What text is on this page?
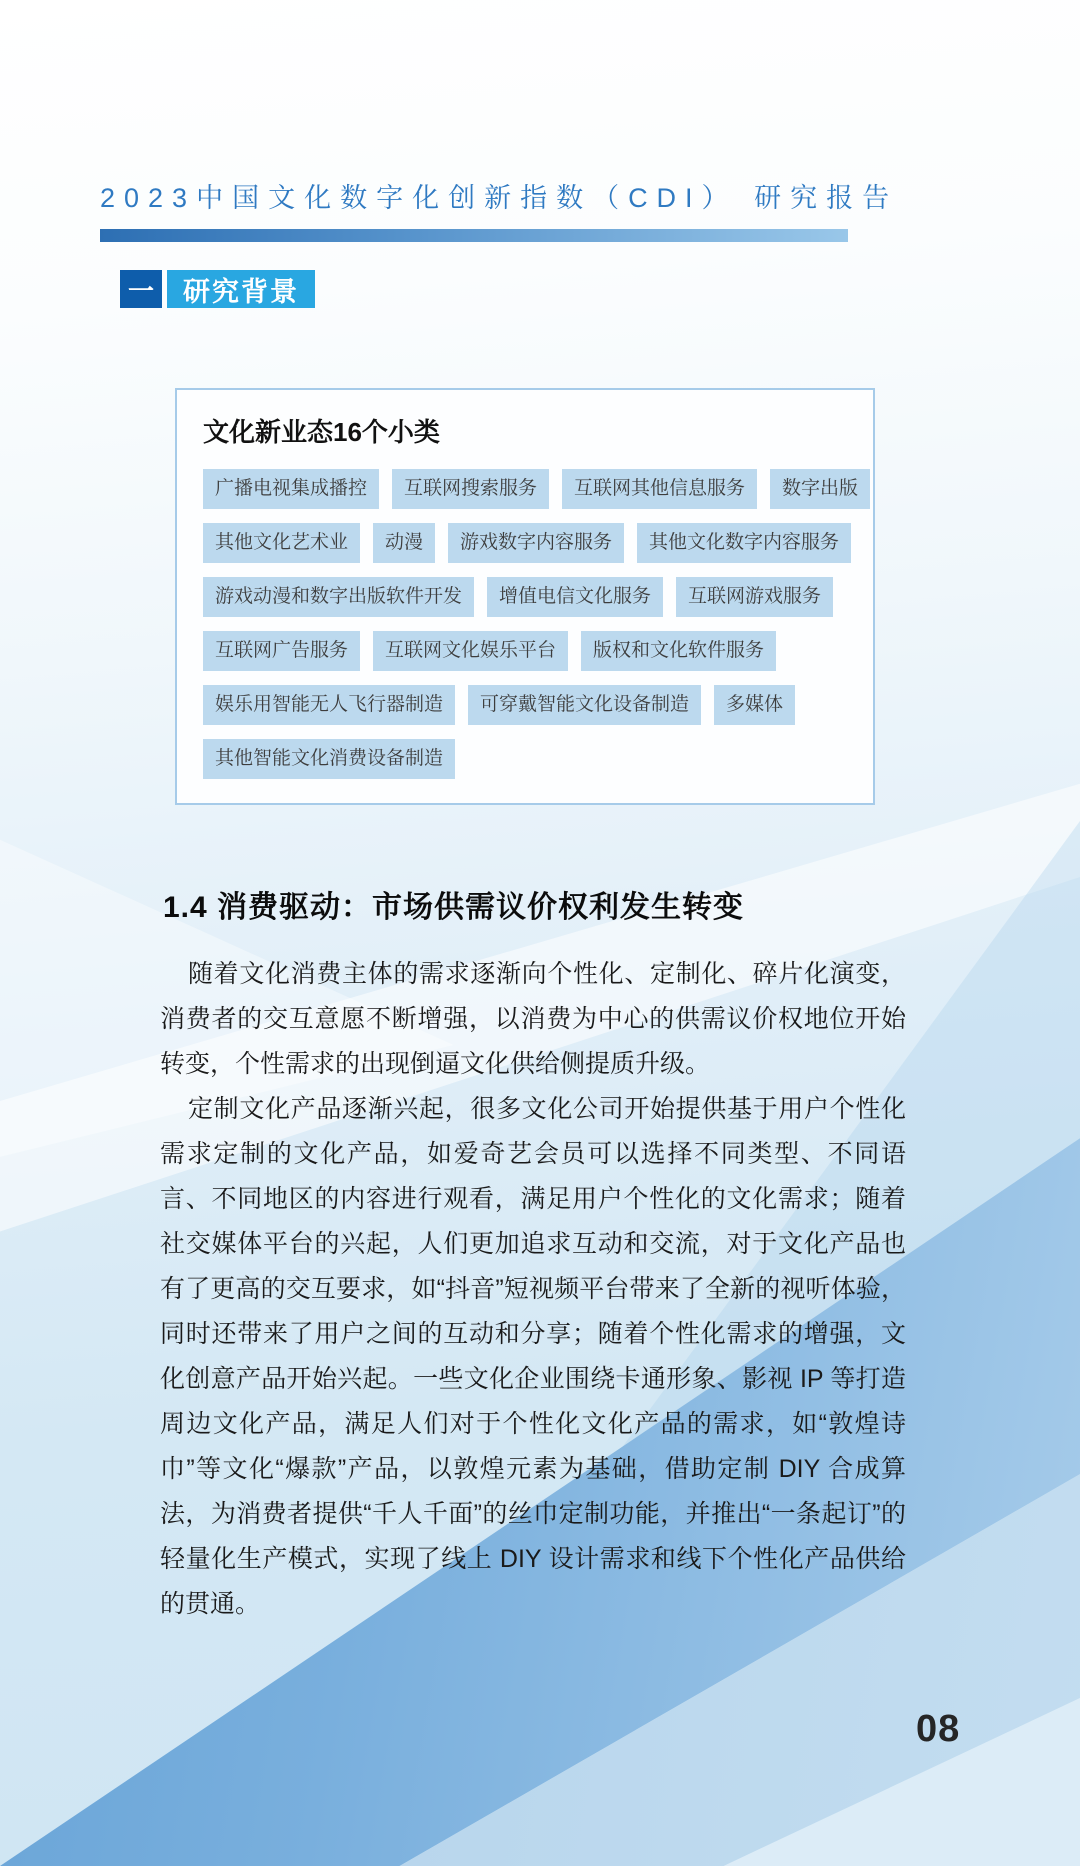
2023中国文化数字化创新指数（CDI） 研究报告
一	研究背景
文化新业态16个小类
广播电视集成播控	互联网搜索服务	互联网其他信息服务	数字出版
其他文化艺术业	动漫	游戏数字内容服务	其他文化数字内容服务
游戏动漫和数字出版软件开发	增值电信文化服务	互联网游戏服务
互联网广告服务	互联网文化娱乐平台	版权和文化软件服务
娱乐用智能无人飞行器制造	可穿戴智能文化设备制造	多媒体
其他智能文化消费设备制造
1.4 消费驱动：市场供需议价权利发生转变

随着文化消费主体的需求逐渐向个性化、定制化、碎片化演变，消费者的交互意愿不断增强，以消费为中心的供需议价权地位开始转变，个性需求的出现倒逼文化供给侧提质升级。

定制文化产品逐渐兴起，很多文化公司开始提供基于用户个性化需求定制的文化产品，如爱奇艺会员可以选择不同类型、不同语言、不同地区的内容进行观看，满足用户个性化的文化需求；随着社交媒体平台的兴起，人们更加追求互动和交流，对于文化产品也有了更高的交互要求，如“抖音”短视频平台带来了全新的视听体验，同时还带来了用户之间的互动和分享；随着个性化需求的增强，文化创意产品开始兴起。一些文化企业围绕卡通形象、影视 IP 等打造周边文化产品，满足人们对于个性化文化产品的需求，如“敦煌诗巾”等文化“爆款”产品，以敦煌元素为基础，借助定制 DIY 合成算法，为消费者提供“千人千面”的丝巾定制功能，并推出“一条起订”的轻量化生产模式，实现了线上 DIY 设计需求和线下个性化产品供给的贯通。

08
